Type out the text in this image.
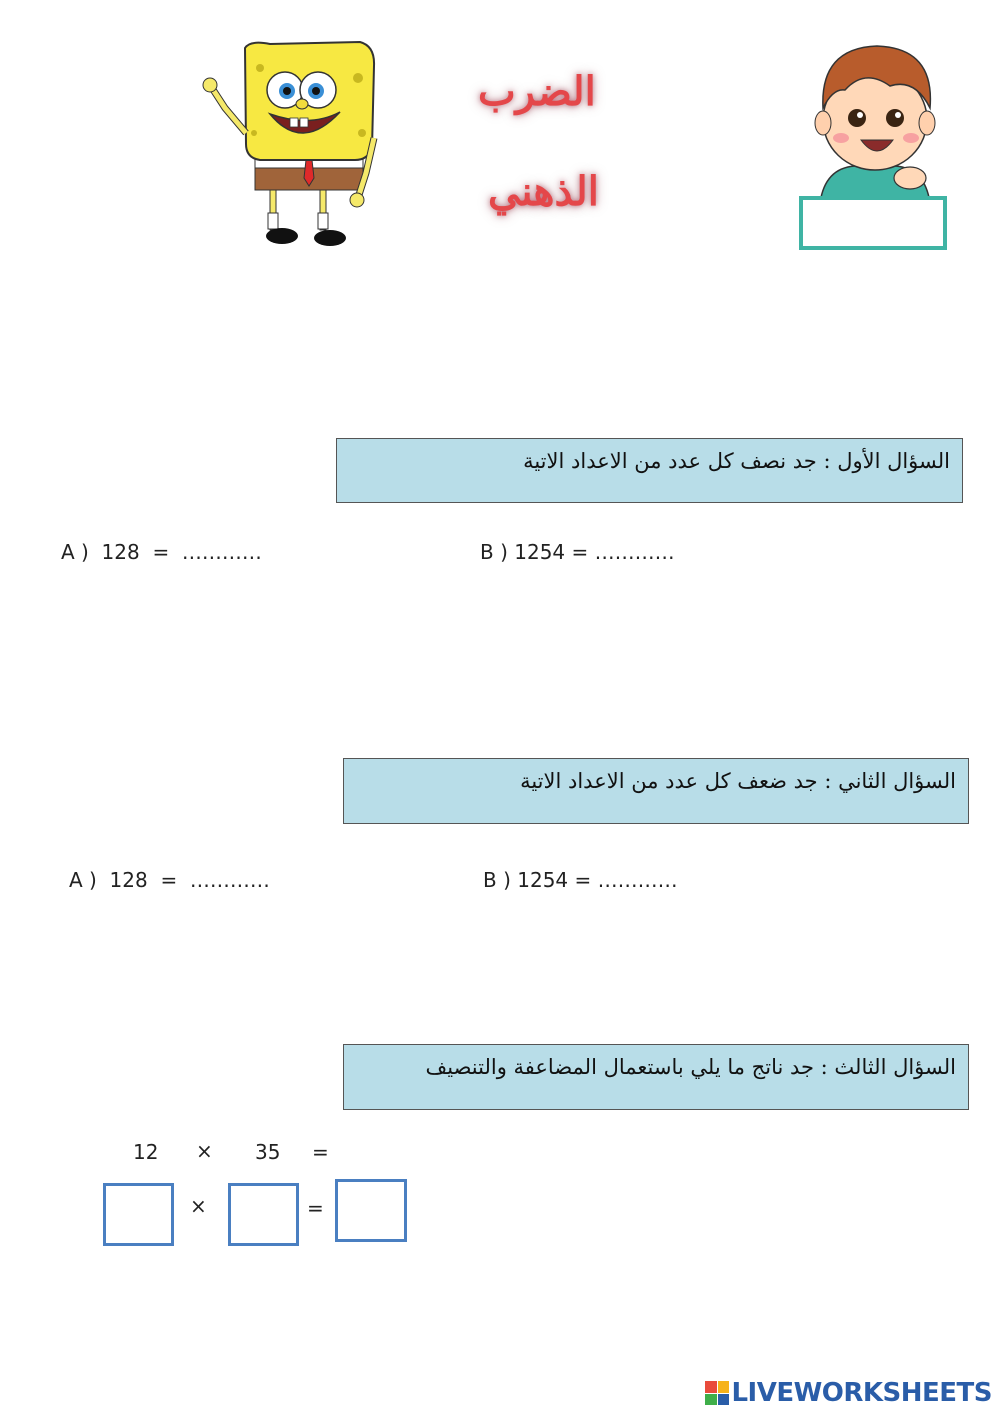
الضرب
الذهني
السؤال الأول : جد نصف كل عدد من الاعداد الاتية
A )  128  =  …………	B ) 1254 = …………
السؤال الثاني : جد ضعف كل عدد من الاعداد الاتية
A )  128  =  …………	B ) 1254 = …………
السؤال الثالث : جد ناتج ما يلي باستعمال المضاعفة والتنصيف
12 × 35 =
×	=
LIVEWORKSHEETS
